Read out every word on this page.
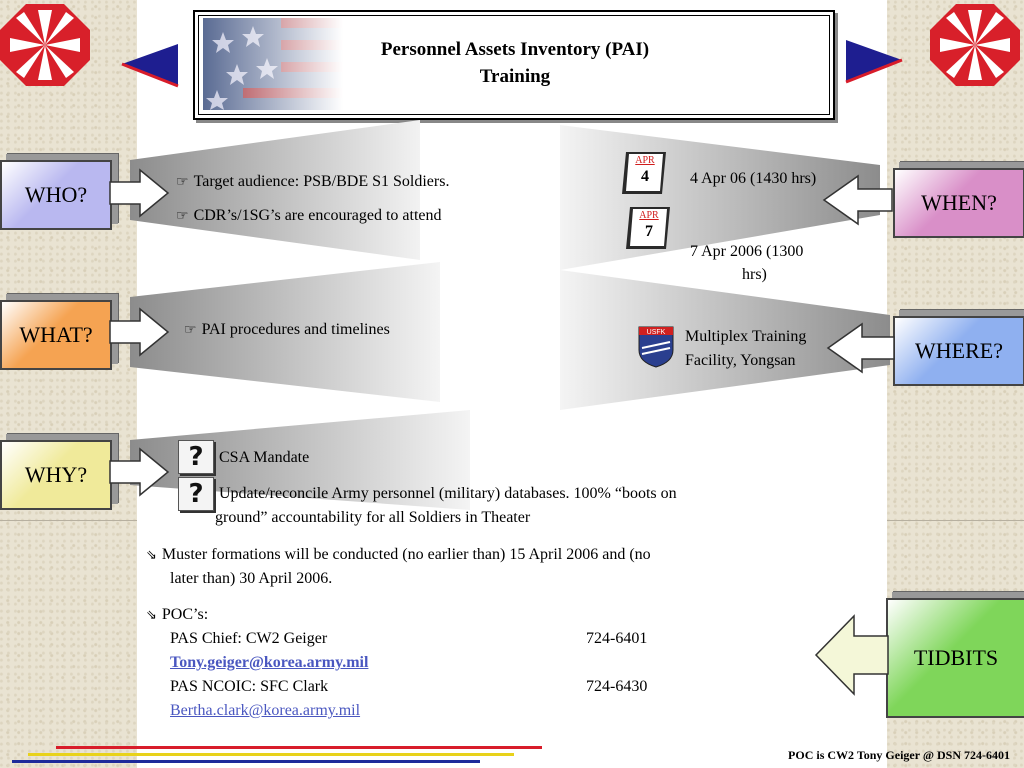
Personnel Assets Inventory (PAI)
Training
WHO?	☞ Target audience: PSB/BDE S1 Soldiers.
☞ CDR’s/1SG’s are encouraged to attend
WHEN?
APR
4
APR
7
4 Apr 06 (1430 hrs)
7 Apr 2006 (1300
hrs)
WHAT?	☞ PAI procedures and timelines
WHERE?
USFK Multiplex Training
Facility, Yongsan
WHY?
?
?
CSA Mandate
Update/reconcile Army personnel (military) databases. 100% “boots on
ground” accountability for all Soldiers in Theater
⇘ Muster formations will be conducted (no earlier than) 15 April 2006 and (no
later than) 30 April 2006.
⇘ POC’s:
PAS Chief: CW2 Geiger	724-6401
Tony.geiger@korea.army.mil
PAS NCOIC: SFC Clark	724-6430
Bertha.clark@korea.army.mil
TIDBITS
POC is CW2 Tony Geiger @ DSN 724-6401
